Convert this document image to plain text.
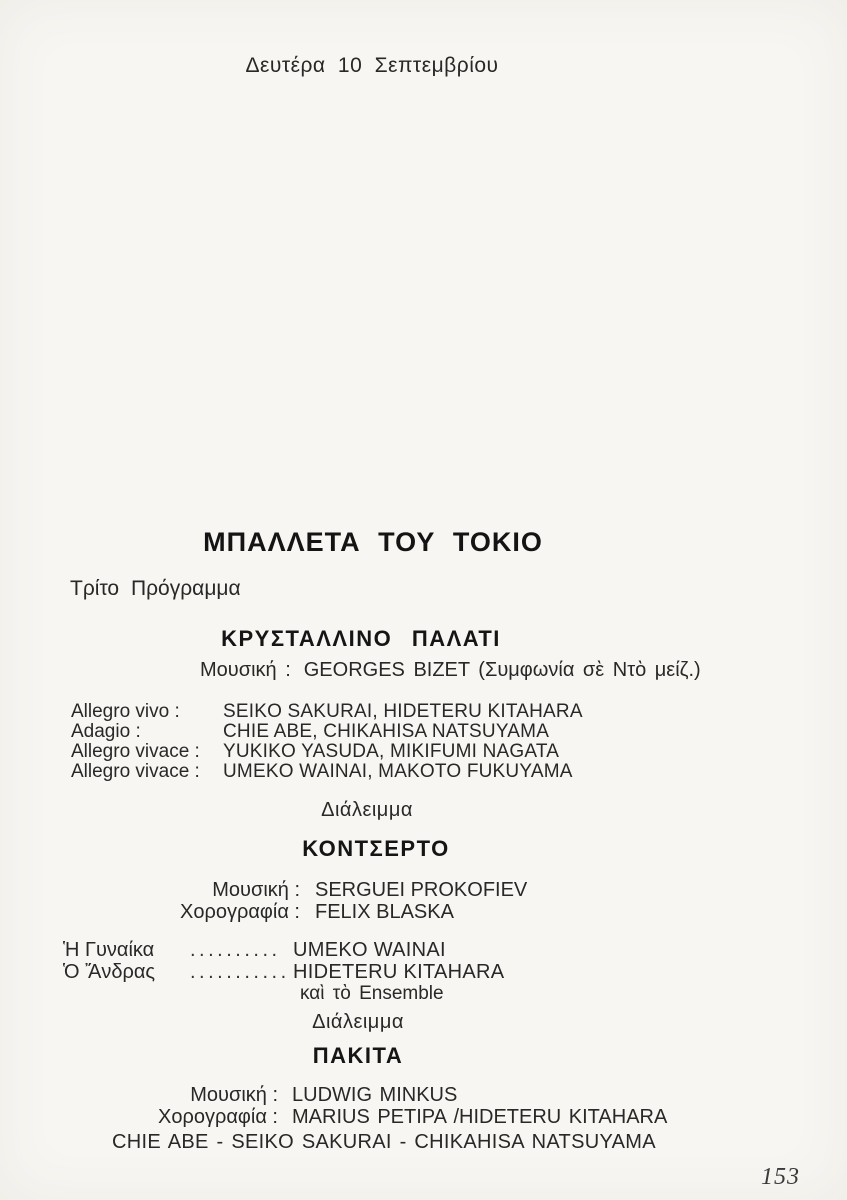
Δευτέρα 10 Σεπτεμβρίου
ΜΠΑΛΛΕΤΑ ΤΟΥ ΤΟΚΙΟ
Τρίτο Πρόγραμμα
ΚΡΥΣΤΑΛΛΙΝΟ ΠΑΛΑΤΙ
Μουσική : GEORGES BIZET (Συμφωνία σὲ Ντὸ μείζ.)
Allegro vivo :	SEIKO SAKURAI, HIDETERU KITAHARA
Adagio :	CHIE ABE, CHIKAHISA NATSUYAMA
Allegro vivace :	YUKIKO YASUDA, MIKIFUMI NAGATA
Allegro vivace :	UMEKO WAINAI, MAKOTO FUKUYAMA
Διάλειμμα
ΚΟΝΤΣΕΡΤΟ
Μουσική : SERGUEI PROKOFIEV
Χορογραφία : FELIX BLASKA
Ἡ Γυναίκα	.......... UMEKO WAINAI
Ὁ Ἄνδρας	........... HIDETERU KITAHARA
καὶ τὸ Ensemble
Διάλειμμα
ΠΑΚΙΤΑ
Μουσική : LUDWIG MINKUS
Χορογραφία : MARIUS PETIPA /HIDETERU KITAHARA
CHIE ABE - SEIKO SAKURAI - CHIKAHISA NATSUYAMA
153
